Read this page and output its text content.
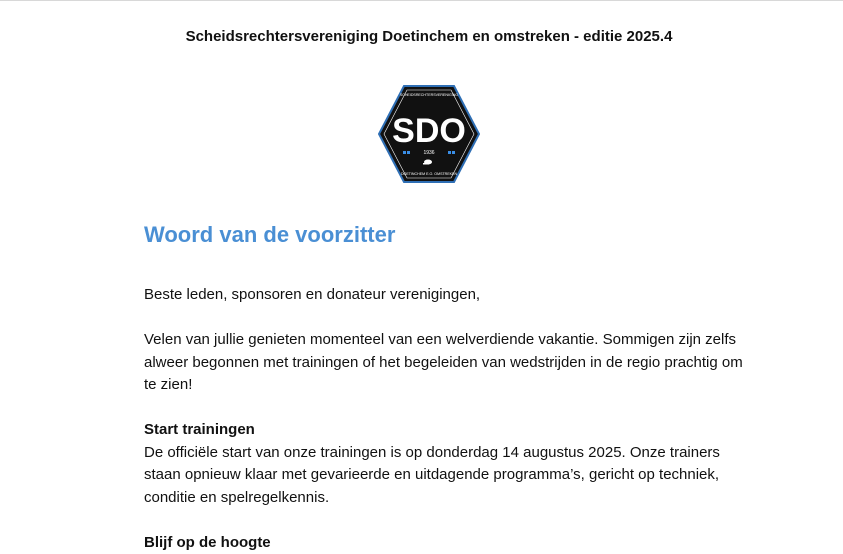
Scheidsrechtersvereniging Doetinchem en omstreken - editie 2025.4
SCHEIDSRECHTERSVERENIGING
SDO
1936
DOETINCHEM E.O. OMSTREKEN
Woord van de voorzitter

Beste leden, sponsoren en donateur verenigingen,

Velen van jullie genieten momenteel van een welverdiende vakantie. Sommigen zijn zelfs alweer begonnen met trainingen of het begeleiden van wedstrijden in de regio prachtig om te zien!

Start trainingen
De officiële start van onze trainingen is op donderdag 14 augustus 2025. Onze trainers staan opnieuw klaar met gevarieerde en uitdagende programma’s, gericht op techniek, conditie en spelregelkennis.

Blijf op de hoogte
